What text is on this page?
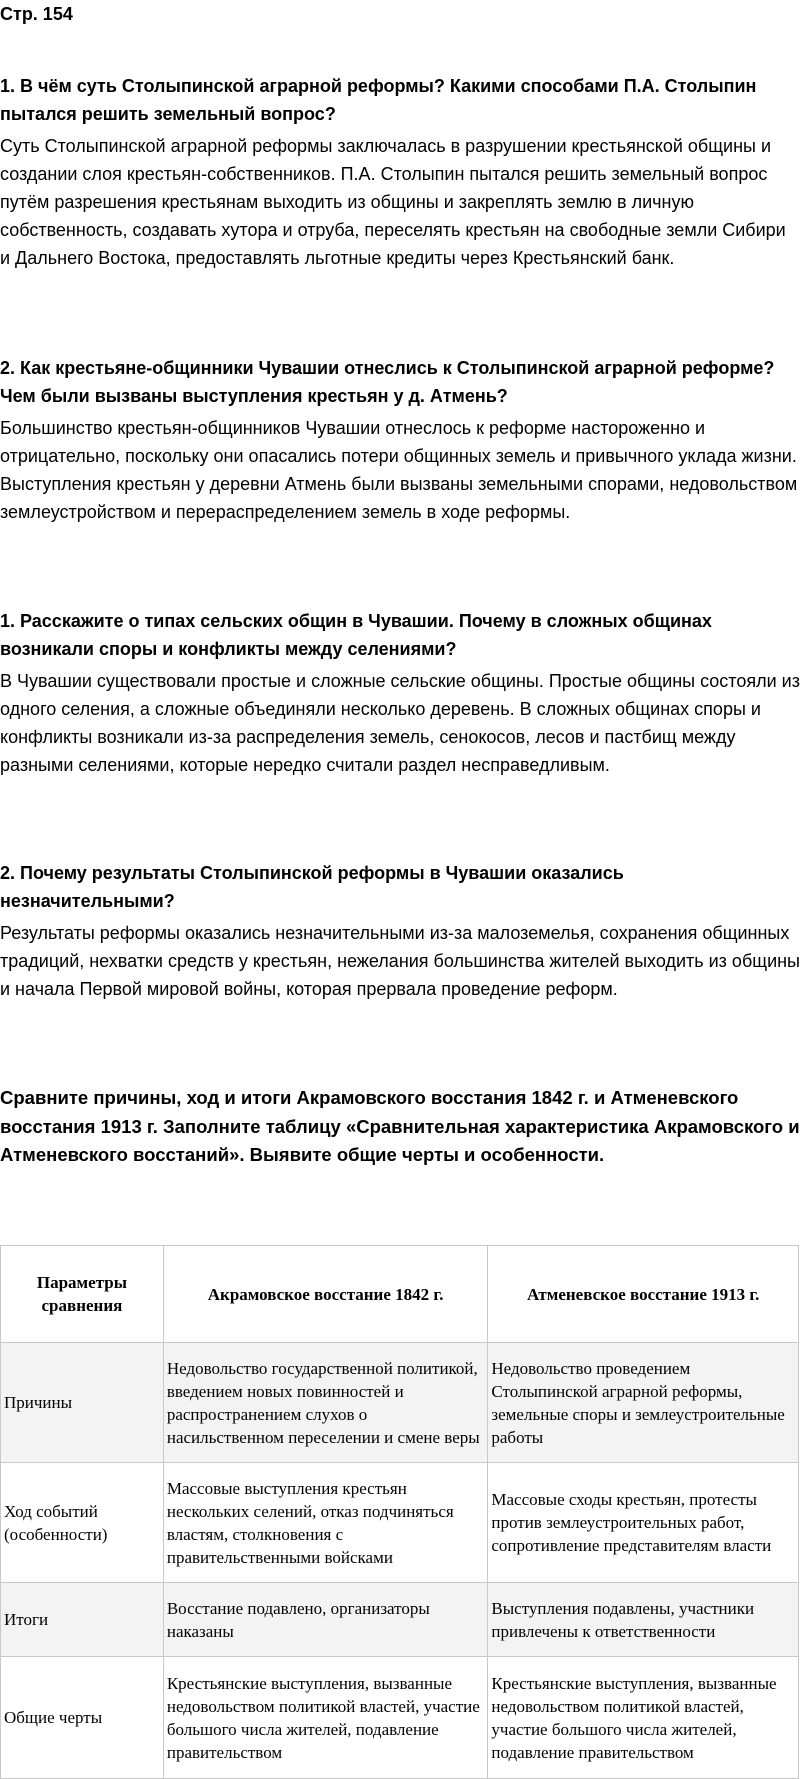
Стр. 154

1. В чём суть Столыпинской аграрной реформы? Какими способами П.А. Столыпин пытался решить земельный вопрос?

Суть Столыпинской аграрной реформы заключалась в разрушении крестьянской общины и создании слоя крестьян-собственников. П.А. Столыпин пытался решить земельный вопрос путём разрешения крестьянам выходить из общины и закреплять землю в личную собственность, создавать хутора и отруба, переселять крестьян на свободные земли Сибири и Дальнего Востока, предоставлять льготные кредиты через Крестьянский банк.

2. Как крестьяне-общинники Чувашии отнеслись к Столыпинской аграрной реформе? Чем были вызваны выступления крестьян у д. Атмень?

Большинство крестьян-общинников Чувашии отнеслось к реформе настороженно и отрицательно, поскольку они опасались потери общинных земель и привычного уклада жизни. Выступления крестьян у деревни Атмень были вызваны земельными спорами, недовольством землеустройством и перераспределением земель в ходе реформы.

1. Расскажите о типах сельских общин в Чувашии. Почему в сложных общинах возникали споры и конфликты между селениями?

В Чувашии существовали простые и сложные сельские общины. Простые общины состояли из одного селения, а сложные объединяли несколько деревень. В сложных общинах споры и конфликты возникали из-за распределения земель, сенокосов, лесов и пастбищ между разными селениями, которые нередко считали раздел несправедливым.

2. Почему результаты Столыпинской реформы в Чувашии оказались незначительными?

Результаты реформы оказались незначительными из-за малоземелья, сохранения общинных традиций, нехватки средств у крестьян, нежелания большинства жителей выходить из общины и начала Первой мировой войны, которая прервала проведение реформ.

Сравните причины, ход и итоги Акрамовского восстания 1842 г. и Атменевского восстания 1913 г. Заполните таблицу «Сравнительная характеристика Акрамовского и Атменевского восстаний». Выявите общие черты и особенности.

Параметры сравнения	Акрамовское восстание 1842 г.	Атменевское восстание 1913 г.
Причины	Недовольство государственной политикой, введением новых повинностей и распространением слухов о насильственном переселении и смене веры	Недовольство проведением Столыпинской аграрной реформы, земельные споры и землеустроительные работы
Ход событий (особенности)	Массовые выступления крестьян нескольких селений, отказ подчиняться властям, столкновения с правительственными войсками	Массовые сходы крестьян, протесты против землеустроительных работ, сопротивление представителям власти
Итоги	Восстание подавлено, организаторы наказаны	Выступления подавлены, участники привлечены к ответственности
Общие черты	Крестьянские выступления, вызванные недовольством политикой властей, участие большого числа жителей, подавление правительством	Крестьянские выступления, вызванные недовольством политикой властей, участие большого числа жителей, подавление правительством
